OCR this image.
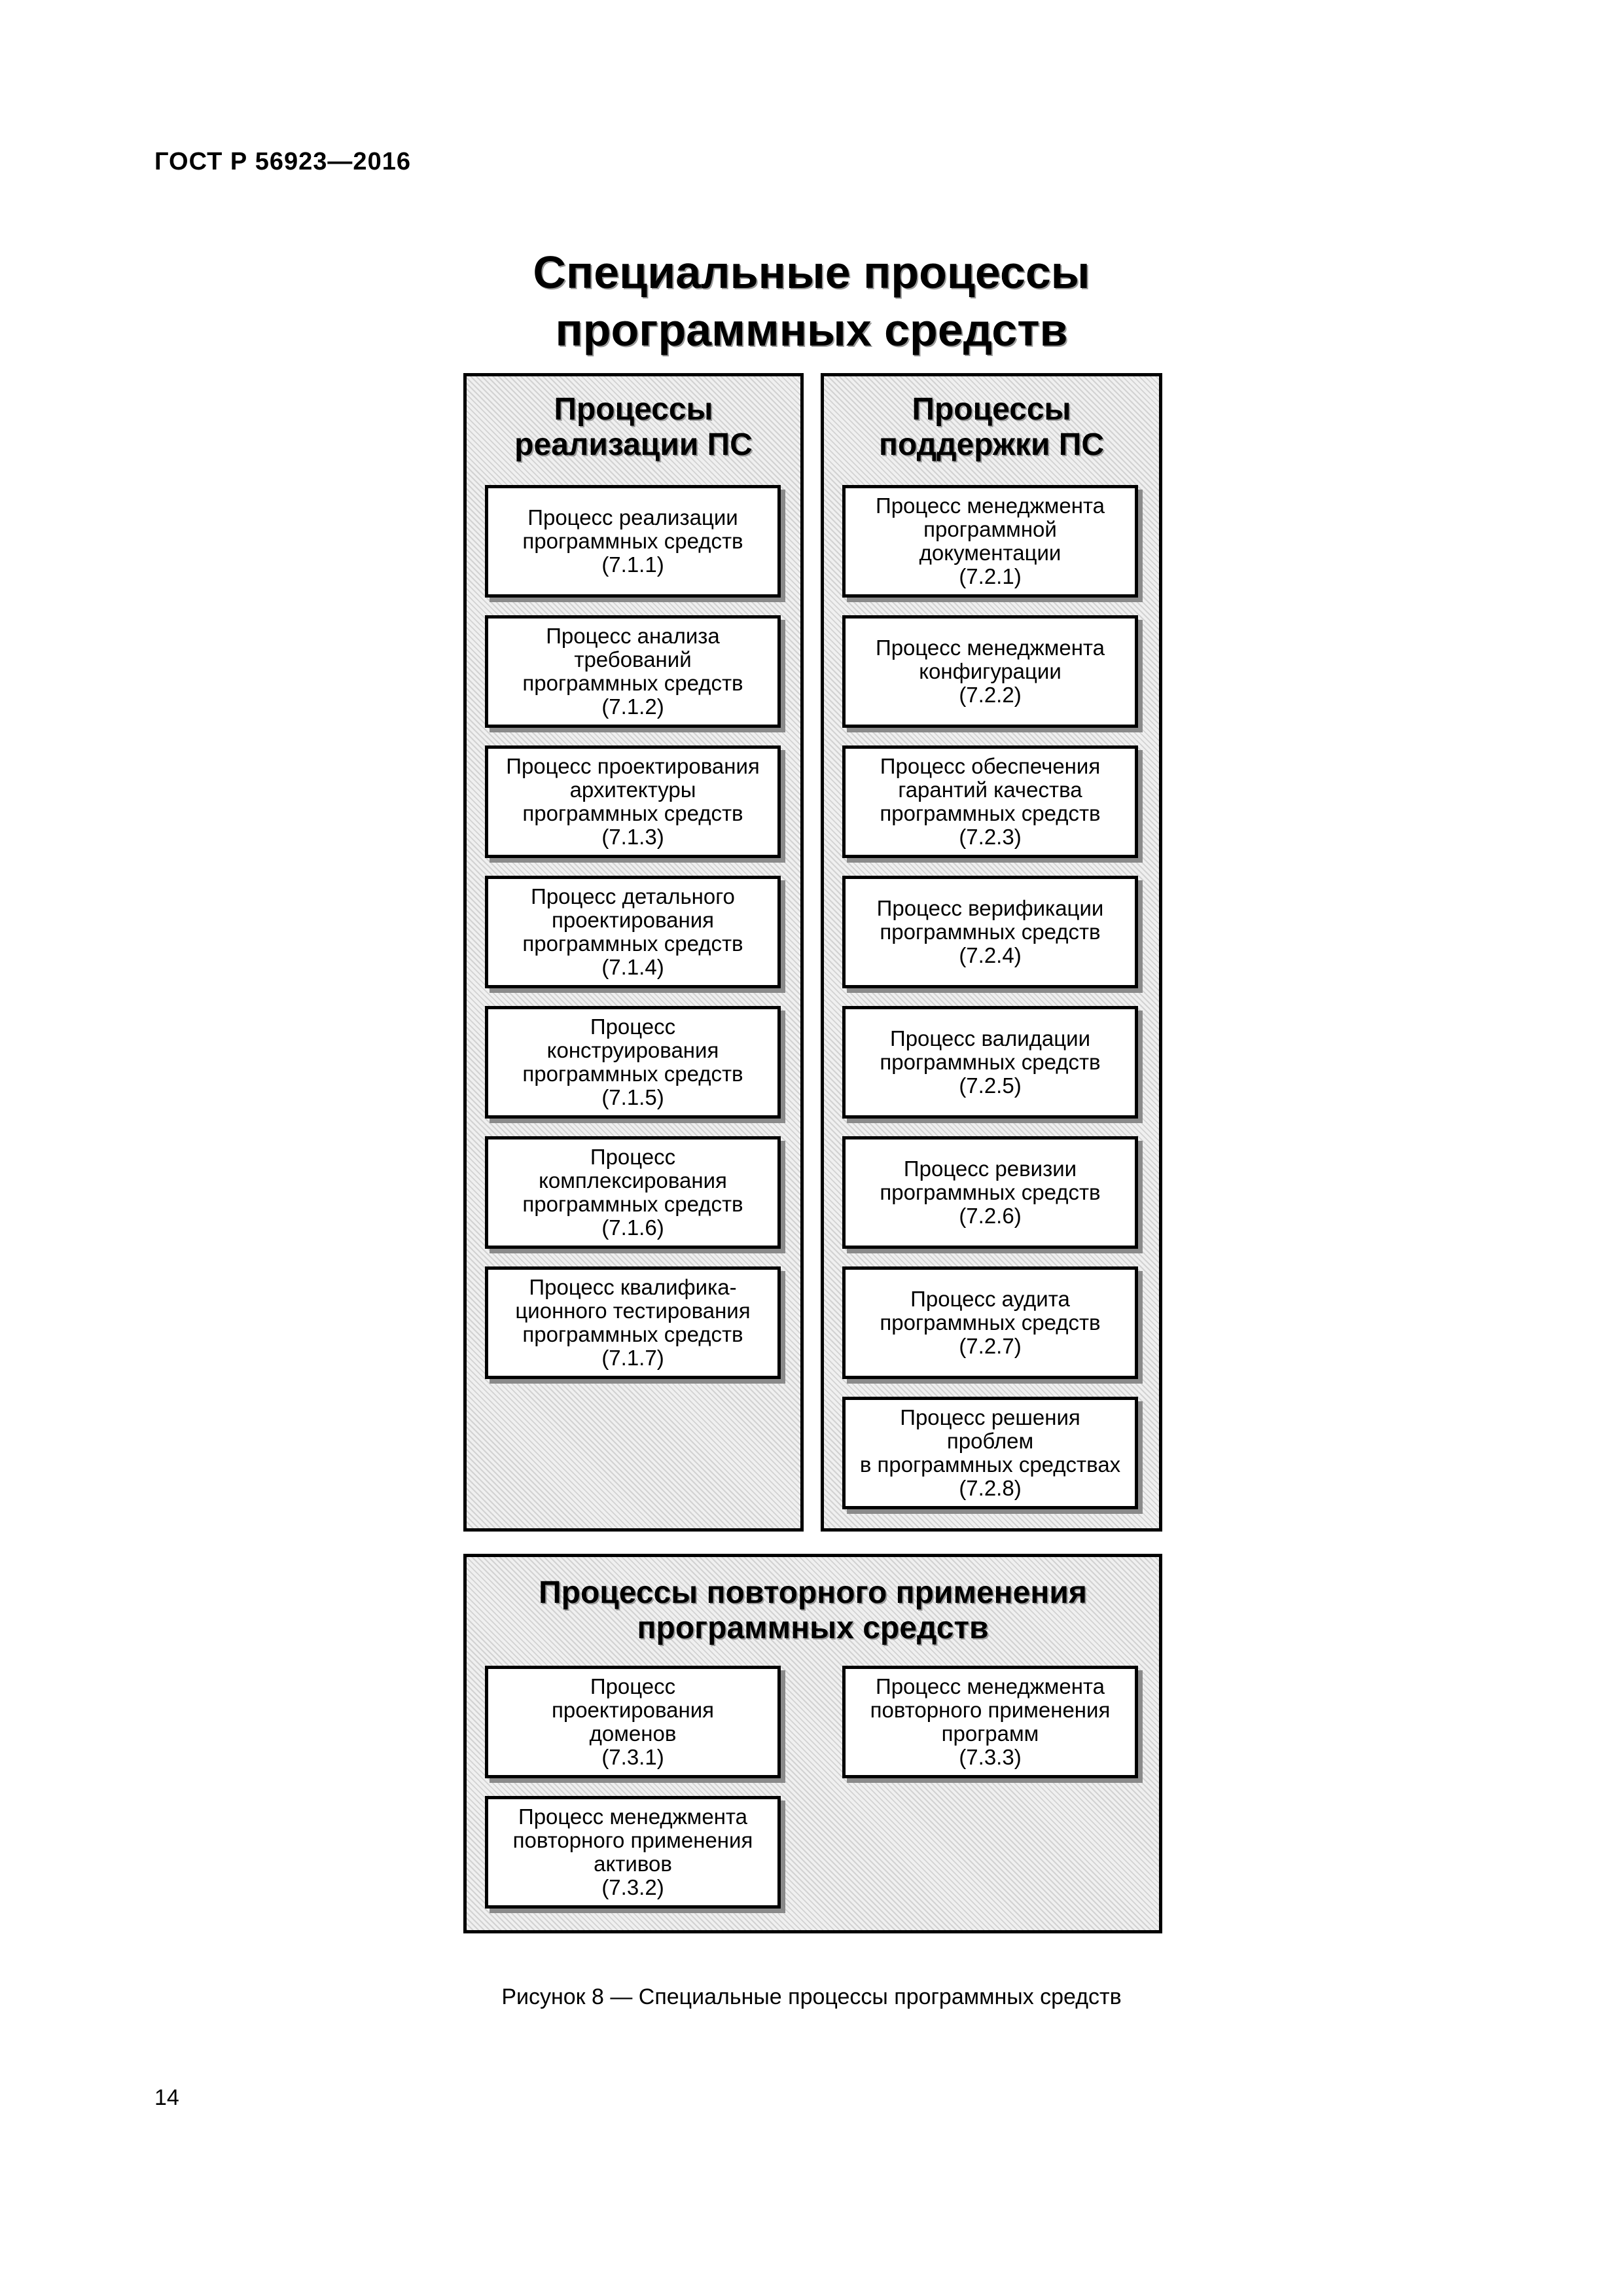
ГОСТ Р 56923—2016
Специальные процессы
программных средств
Процессы
реализации ПС
Процесс реализации
программных средств
(7.1.1)
Процесс анализа
требований
программных средств
(7.1.2)
Процесс проектирования
архитектуры
программных средств
(7.1.3)
Процесс детального
проектирования
программных средств
(7.1.4)
Процесс
конструирования
программных средств
(7.1.5)
Процесс
комплексирования
программных средств
(7.1.6)
Процесс квалифика-
ционного тестирования
программных средств
(7.1.7)
Процессы
поддержки ПС
Процесс менеджмента
программной
документации
(7.2.1)
Процесс менеджмента
конфигурации
(7.2.2)
Процесс обеспечения
гарантий качества
программных средств
(7.2.3)
Процесс верификации
программных средств
(7.2.4)
Процесс валидации
программных средств
(7.2.5)
Процесс ревизии
программных средств
(7.2.6)
Процесс аудита
программных средств
(7.2.7)
Процесс решения
проблем
в программных средствах
(7.2.8)
Процессы повторного применения
программных средств
Процесс
проектирования
доменов
(7.3.1)
Процесс менеджмента
повторного применения
активов
(7.3.2)
Процесс менеджмента
повторного применения
программ
(7.3.3)
Рисунок 8 — Специальные процессы программных средств
14
